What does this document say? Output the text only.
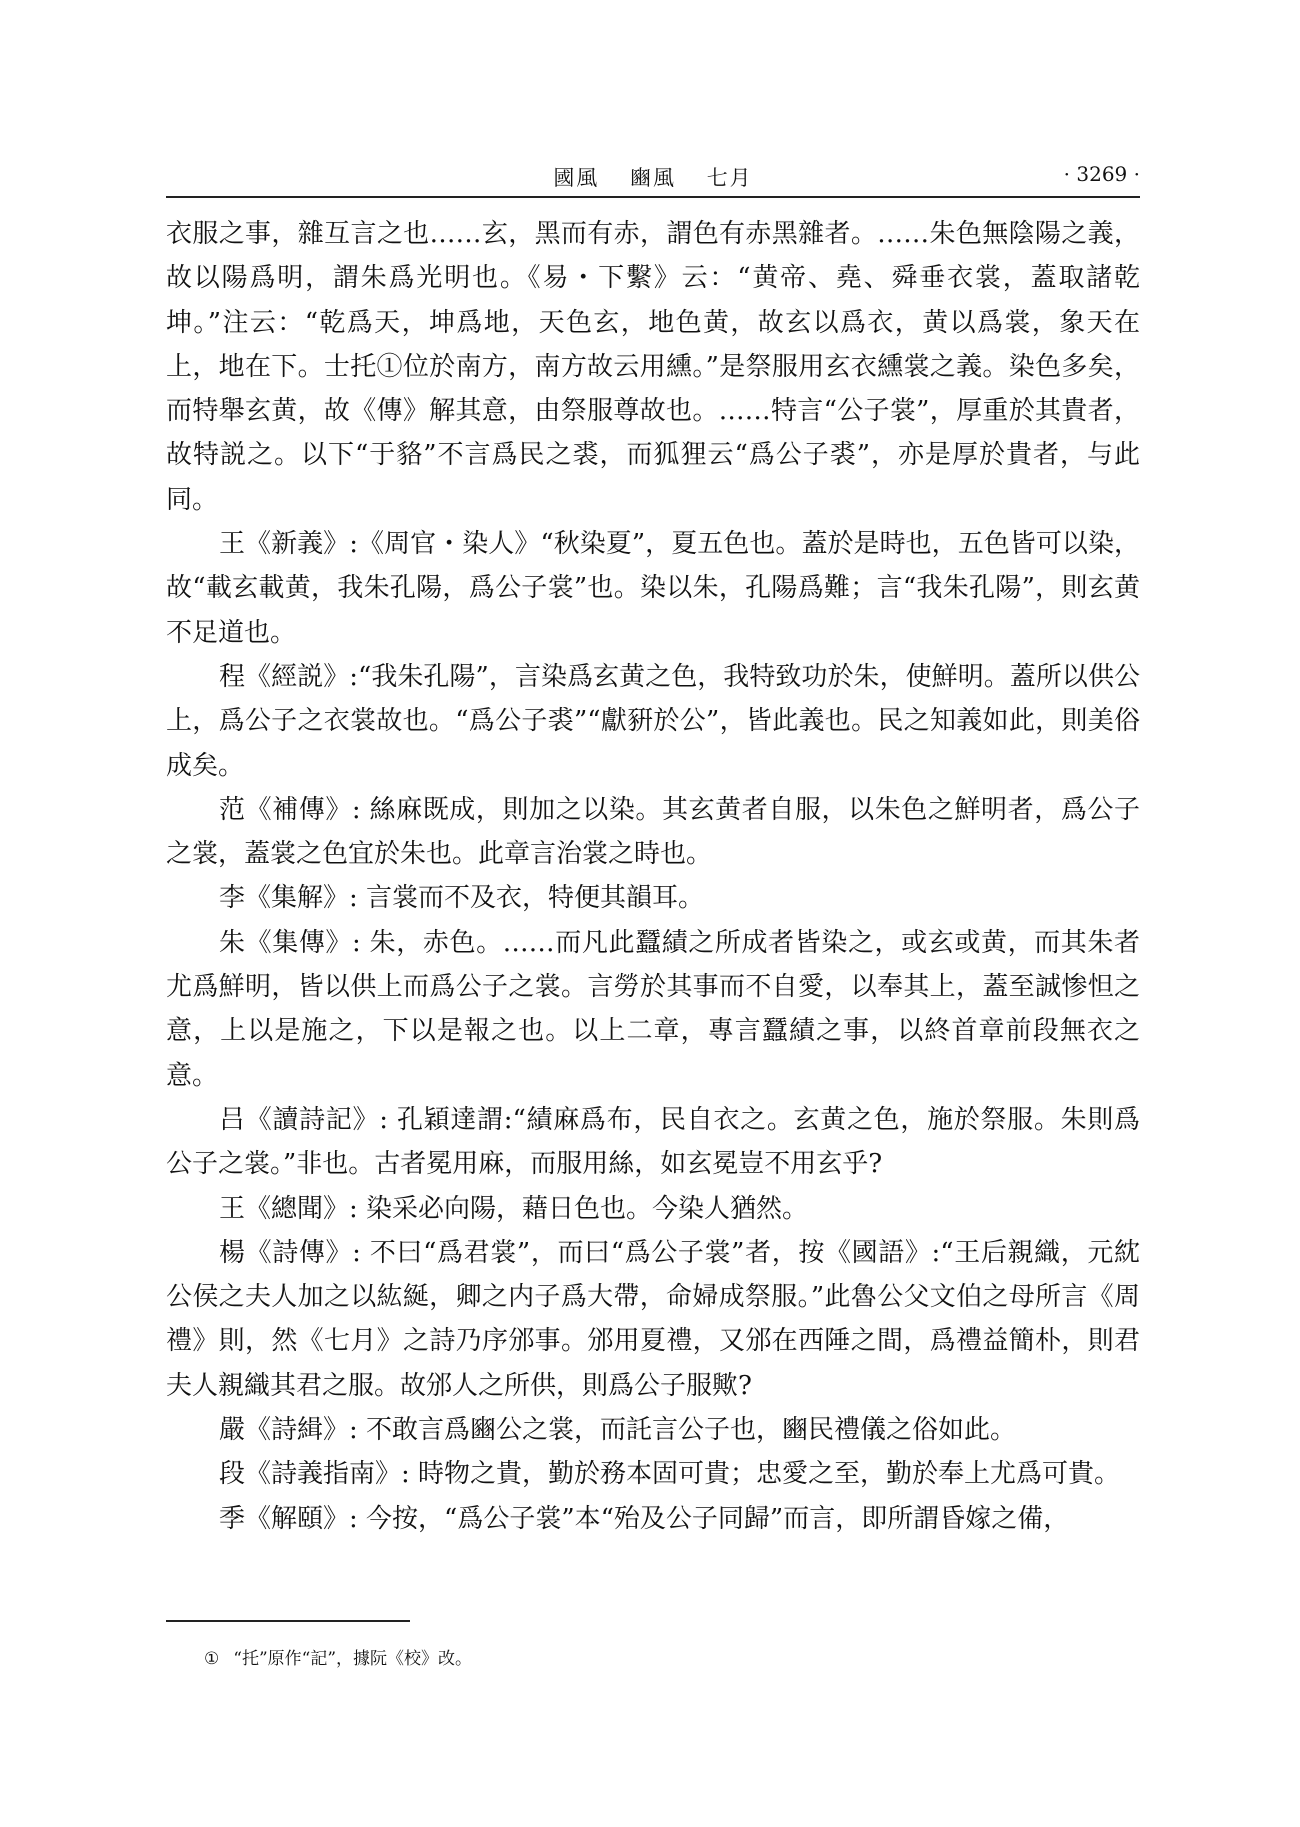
國風 豳風 七月	· 3269 ·

衣服之事，雜互言之也……玄，黑而有赤，謂色有赤黑雜者。……朱色無陰陽之義，故以陽爲明，謂朱爲光明也。《易・下繫》云：“黄帝、堯、舜垂衣裳，蓋取諸乾坤。”注云：“乾爲天，坤爲地，天色玄，地色黄，故玄以爲衣，黄以爲裳，象天在上，地在下。士托①位於南方，南方故云用纁。”是祭服用玄衣纁裳之義。染色多矣，而特舉玄黄，故《傳》解其意，由祭服尊故也。……特言“公子裳”，厚重於其貴者，故特説之。以下“于貉”不言爲民之裘，而狐狸云“爲公子裘”，亦是厚於貴者，与此同。

王《新義》:《周官・染人》“秋染夏”，夏五色也。蓋於是時也，五色皆可以染，故“載玄載黄，我朱孔陽，爲公子裳”也。染以朱，孔陽爲難；言“我朱孔陽”，則玄黄不足道也。

程《經説》:“我朱孔陽”，言染爲玄黄之色，我特致功於朱，使鮮明。蓋所以供公上，爲公子之衣裳故也。“爲公子裘”“獻豣於公”，皆此義也。民之知義如此，則美俗成矣。

范《補傳》: 絲麻既成，則加之以染。其玄黄者自服，以朱色之鮮明者，爲公子之裳，蓋裳之色宜於朱也。此章言治裳之時也。

李《集解》: 言裳而不及衣，特便其韻耳。

朱《集傳》: 朱，赤色。……而凡此蠶績之所成者皆染之，或玄或黄，而其朱者尤爲鮮明，皆以供上而爲公子之裳。言勞於其事而不自愛，以奉其上，蓋至誠惨怛之意，上以是施之，下以是報之也。以上二章，專言蠶績之事，以終首章前段無衣之意。

吕《讀詩記》: 孔穎達謂:“績麻爲布，民自衣之。玄黄之色，施於祭服。朱則爲公子之裳。”非也。古者冕用麻，而服用絲，如玄冕豈不用玄乎?

王《總聞》: 染采必向陽，藉日色也。今染人猶然。

楊《詩傳》: 不曰“爲君裳”，而曰“爲公子裳”者，按《國語》:“王后親織，元紞公侯之夫人加之以紘綖，卿之内子爲大帶，命婦成祭服。”此魯公父文伯之母所言《周禮》則，然《七月》之詩乃序邠事。邠用夏禮，又邠在西陲之間，爲禮益簡朴，則君夫人親織其君之服。故邠人之所供，則爲公子服歟?

嚴《詩緝》: 不敢言爲豳公之裳，而託言公子也，豳民禮儀之俗如此。

段《詩義指南》: 時物之貴，勤於務本固可貴；忠愛之至，勤於奉上尤爲可貴。

季《解頤》: 今按，“爲公子裳”本“殆及公子同歸”而言，即所謂昏嫁之備，

① “托”原作“記”，據阮《校》改。
